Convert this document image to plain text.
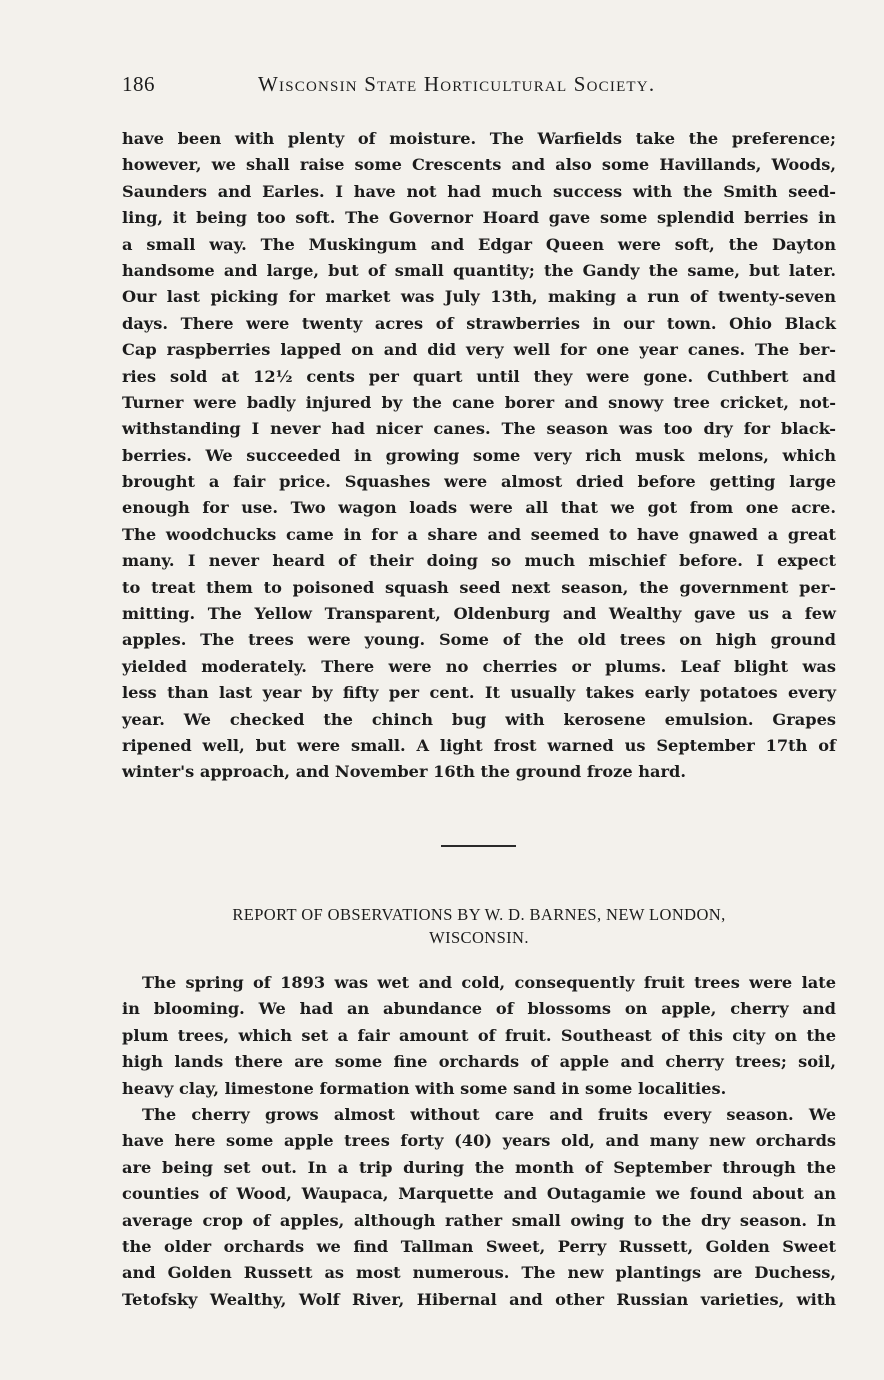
186	Wisconsin State Horticultural Society.
have been with plenty of moisture. The Warfields take the preference;
however, we shall raise some Crescents and also some Havillands, Woods,
Saunders and Earles. I have not had much success with the Smith seed-
ling, it being too soft. The Governor Hoard gave some splendid berries in
a small way. The Muskingum and Edgar Queen were soft, the Dayton
handsome and large, but of small quantity; the Gandy the same, but later.
Our last picking for market was July 13th, making a run of twenty-seven
days. There were twenty acres of strawberries in our town. Ohio Black
Cap raspberries lapped on and did very well for one year canes. The ber-
ries sold at 12½ cents per quart until they were gone. Cuthbert and
Turner were badly injured by the cane borer and snowy tree cricket, not-
withstanding I never had nicer canes. The season was too dry for black-
berries. We succeeded in growing some very rich musk melons, which
brought a fair price. Squashes were almost dried before getting large
enough for use. Two wagon loads were all that we got from one acre.
The woodchucks came in for a share and seemed to have gnawed a great
many. I never heard of their doing so much mischief before. I expect
to treat them to poisoned squash seed next season, the government per-
mitting. The Yellow Transparent, Oldenburg and Wealthy gave us a few
apples. The trees were young. Some of the old trees on high ground
yielded moderately. There were no cherries or plums. Leaf blight was
less than last year by fifty per cent. It usually takes early potatoes every
year. We checked the chinch bug with kerosene emulsion. Grapes
ripened well, but were small. A light frost warned us September 17th of
winter's approach, and November 16th the ground froze hard.
REPORT OF OBSERVATIONS BY W. D. BARNES, NEW LONDON,
WISCONSIN.
The spring of 1893 was wet and cold, consequently fruit trees were late
in blooming. We had an abundance of blossoms on apple, cherry and
plum trees, which set a fair amount of fruit. Southeast of this city on the
high lands there are some fine orchards of apple and cherry trees; soil,
heavy clay, limestone formation with some sand in some localities.
The cherry grows almost without care and fruits every season. We
have here some apple trees forty (40) years old, and many new orchards
are being set out. In a trip during the month of September through the
counties of Wood, Waupaca, Marquette and Outagamie we found about an
average crop of apples, although rather small owing to the dry season. In
the older orchards we find Tallman Sweet, Perry Russett, Golden Sweet
and Golden Russett as most numerous. The new plantings are Duchess,
Tetofsky Wealthy, Wolf River, Hibernal and other Russian varieties, with
